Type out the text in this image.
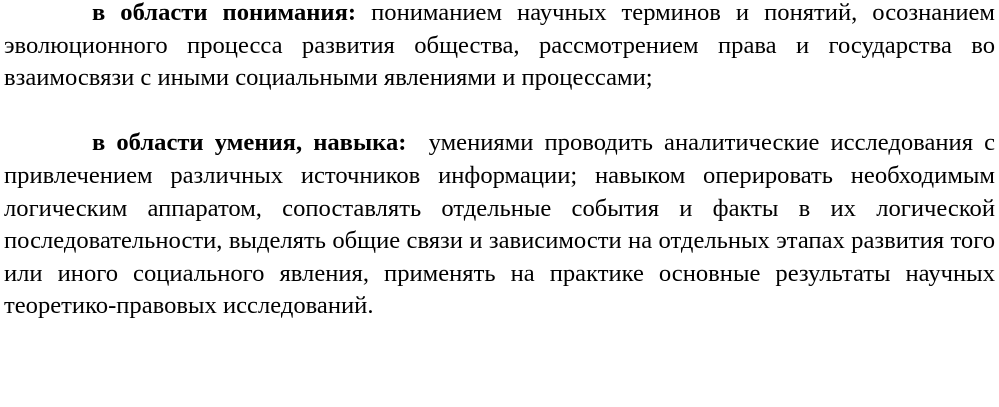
в области понимания: пониманием научных терминов и понятий, осознанием эволюционного процесса развития общества, рассмотрением права и государства во взаимосвязи с иными социальными явлениями и процессами;

в области умения, навыка: умениями проводить аналитические исследования с привлечением различных источников информации; навыком оперировать необходимым логическим аппаратом, сопоставлять отдельные события и факты в их логической последовательности, выделять общие связи и зависимости на отдельных этапах развития того или иного социального явления, применять на практике основные результаты научных теоретико-правовых исследований.
